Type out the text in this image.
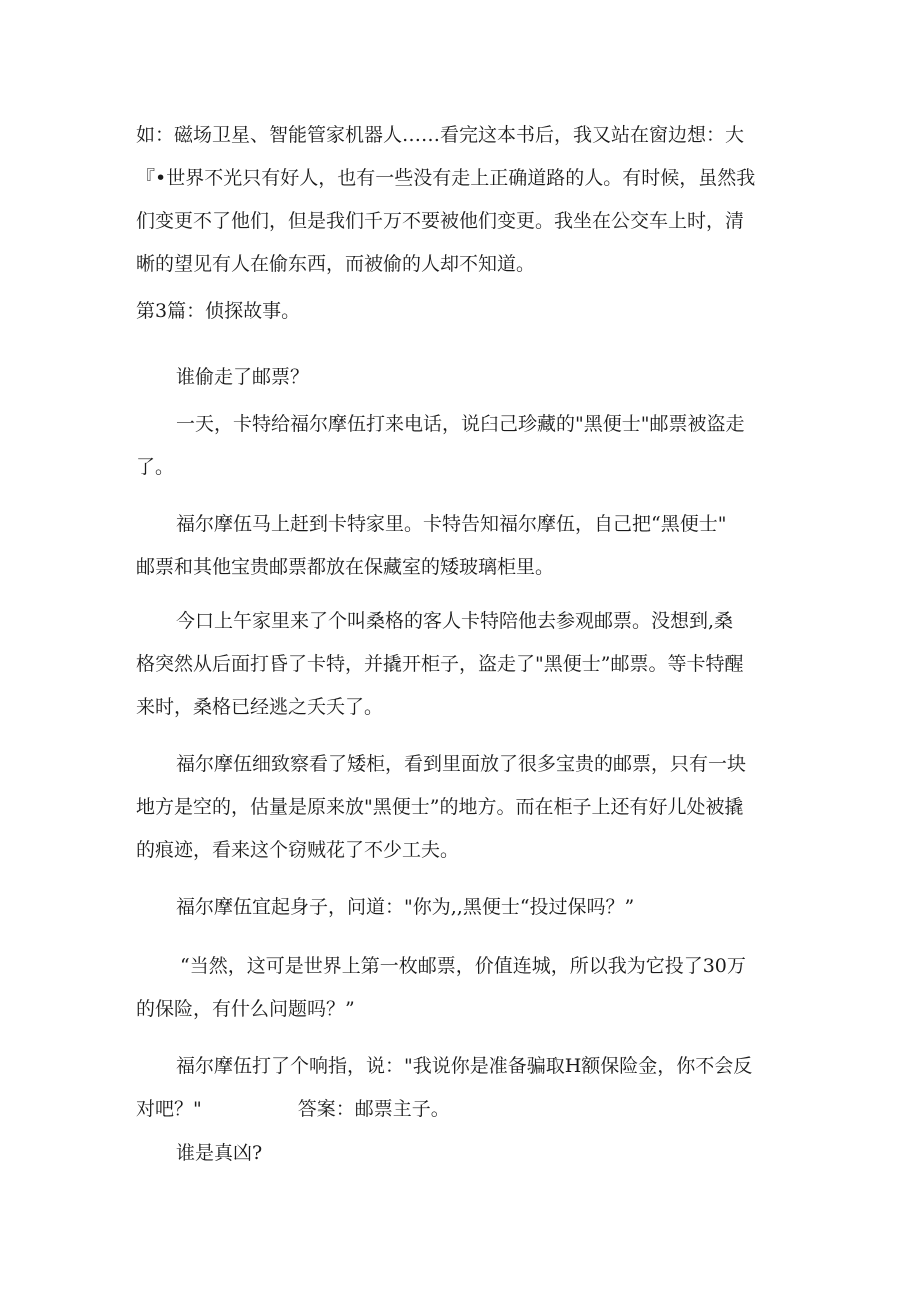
如：磁场卫星、智能管家机器人……看完这本书后，我又站在窗边想：大
『•世界不光只有好人，也有一些没有走上正确道路的人。有时候，虽然我
们变更不了他们，但是我们千万不要被他们变更。我坐在公交车上时，清
晰的望见有人在偷东西，而被偷的人却不知道。
第3篇：侦探故事。
谁偷走了邮票？
一天，卡特给福尔摩伍打来电话，说臼己珍藏的"黑便士"邮票被盗走
了。
福尔摩伍马上赶到卡特家里。卡特告知福尔摩伍，自己把“黑便士"
邮票和其他宝贵邮票都放在保藏室的矮玻璃柜里。
今口上午家里来了个叫桑格的客人卡特陪他去参观邮票。没想到,桑
格突然从后面打昏了卡特，并撬开柜子，盗走了"黑便士”邮票。等卡特醒
来时，桑格已经逃之夭夭了。
福尔摩伍细致察看了矮柜，看到里面放了很多宝贵的邮票，只有一块
地方是空的，估量是原来放"黑便士”的地方。而在柜子上还有好儿处被撬
的痕迹，看来这个窃贼花了不少工夫。
福尔摩伍宜起身子，问道："你为,,黑便士“投过保吗？”
“当然，这可是世界上第一枚邮票，价值连城，所以我为它投了30万
的保险，有什么问题吗？”
福尔摩伍打了个响指，说："我说你是准备骗取H额保险金，你不会反
对吧？"	答案：邮票主子。
谁是真凶?
